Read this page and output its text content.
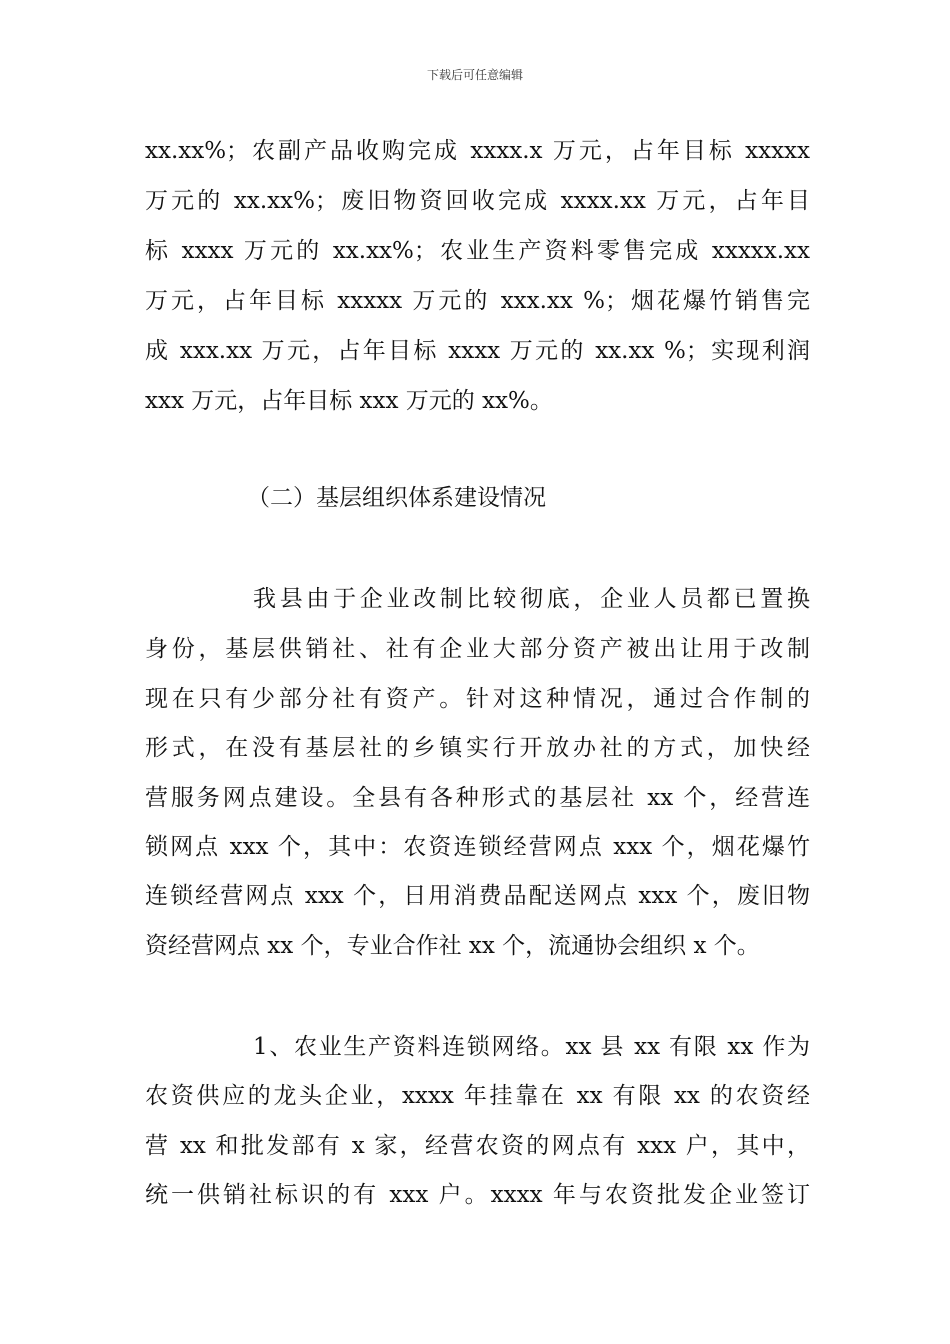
下载后可任意编辑
xx.xx%；农副产品收购完成 xxxx.x 万元，占年目标 xxxxx
万元的 xx.xx%；废旧物资回收完成 xxxx.xx 万元，占年目
标 xxxx 万元的 xx.xx%；农业生产资料零售完成 xxxxx.xx
万元，占年目标 xxxxx 万元的 xxx.xx %；烟花爆竹销售完
成 xxx.xx 万元，占年目标 xxxx 万元的 xx.xx %；实现利润
xxx 万元，占年目标 xxx 万元的 xx%。
（二）基层组织体系建设情况
我县由于企业改制比较彻底，企业人员都已置换
身份，基层供销社、社有企业大部分资产被出让用于改制
现在只有少部分社有资产。针对这种情况，通过合作制的
形式，在没有基层社的乡镇实行开放办社的方式，加快经
营服务网点建设。全县有各种形式的基层社 xx 个，经营连
锁网点 xxx 个，其中：农资连锁经营网点 xxx 个，烟花爆竹
连锁经营网点 xxx 个，日用消费品配送网点 xxx 个，废旧物
资经营网点 xx 个，专业合作社 xx 个，流通协会组织 x 个。
1、农业生产资料连锁网络。xx 县 xx 有限 xx 作为
农资供应的龙头企业，xxxx 年挂靠在 xx 有限 xx 的农资经
营 xx 和批发部有 x 家，经营农资的网点有 xxx 户，其中，
统一供销社标识的有 xxx 户。xxxx 年与农资批发企业签订
